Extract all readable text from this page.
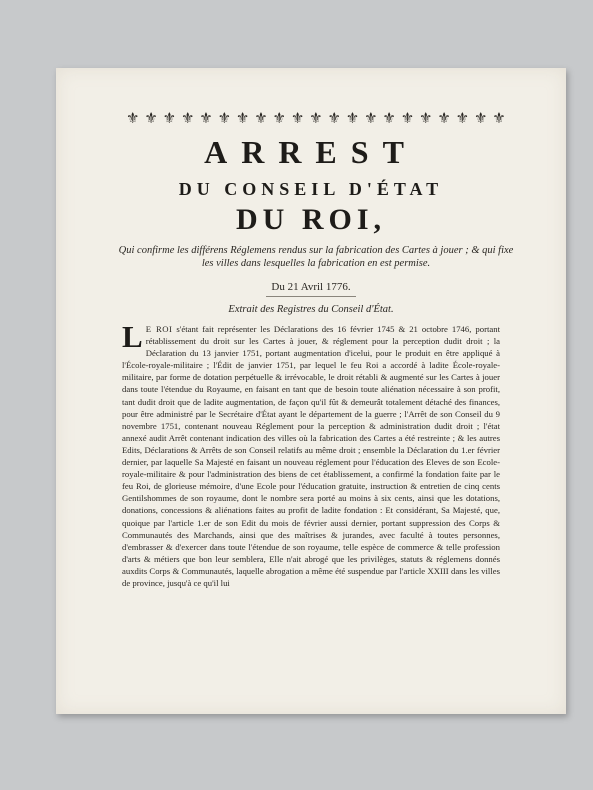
⚜ ⚜ ⚜ ⚜ ⚜ ⚜ ⚜ ⚜ ⚜ ⚜ ⚜ ⚜ ⚜ ⚜ ⚜ ⚜ ⚜ ⚜ ⚜ ⚜ ⚜
ARREST
DU CONSEIL D'ÉTAT
DU ROI,
Qui confirme les différens Réglemens rendus sur la fabrication des Cartes à jouer ; & qui fixe les villes dans lesquelles la fabrication en est permise.
Du 21 Avril 1776.
Extrait des Registres du Conseil d'État.
L E ROI s'étant fait représenter les Déclarations des 16 février 1745 & 21 octobre 1746, portant rétablissement du droit sur les Cartes à jouer, & réglement pour la perception dudit droit ; la Déclaration du 13 janvier 1751, portant augmentation d'icelui, pour le produit en être appliqué à l'École-royale-militaire ; l'Édit de janvier 1751, par lequel le feu Roi a accordé à ladite École-royale-militaire, par forme de dotation perpétuelle & irrévocable, le droit rétabli & augmenté sur les Cartes à jouer dans toute l'étendue du Royaume, en faisant en tant que de besoin toute aliénation nécessaire à son profit, tant dudit droit que de ladite augmentation, de façon qu'il fût & demeurât totalement détaché des finances, pour être administré par le Secrétaire d'État ayant le département de la guerre ; l'Arrêt de son Conseil du 9 novembre 1751, contenant nouveau Réglement pour la perception & administration dudit droit ; l'état annexé audit Arrêt contenant indication des villes où la fabrication des Cartes a été restreinte ; & les autres Edits, Déclarations & Arrêts de son Conseil relatifs au même droit ; ensemble la Déclaration du 1.er février dernier, par laquelle Sa Majesté en faisant un nouveau réglement pour l'éducation des Eleves de son Ecole-royale-militaire & pour l'administration des biens de cet établissement, a confirmé la fondation faite par le feu Roi, de glorieuse mémoire, d'une Ecole pour l'éducation gratuite, instruction & entretien de cinq cents Gentilshommes de son royaume, dont le nombre sera porté au moins à six cents, ainsi que les dotations, donations, concessions & aliénations faites au profit de ladite fondation : Et considérant, Sa Majesté, que, quoique par l'article 1.er de son Edit du mois de février aussi dernier, portant suppression des Corps & Communautés des Marchands, ainsi que des maîtrises & jurandes, avec faculté à toutes personnes, d'embrasser & d'exercer dans toute l'étendue de son royaume, telle espèce de commerce & telle profession d'arts & métiers que bon leur semblera, Elle n'ait abrogé que les privilèges, statuts & réglemens donnés auxdits Corps & Communautés, laquelle abrogation a même été suspendue par l'article XXIII dans les villes de province, jusqu'à ce qu'il lui
